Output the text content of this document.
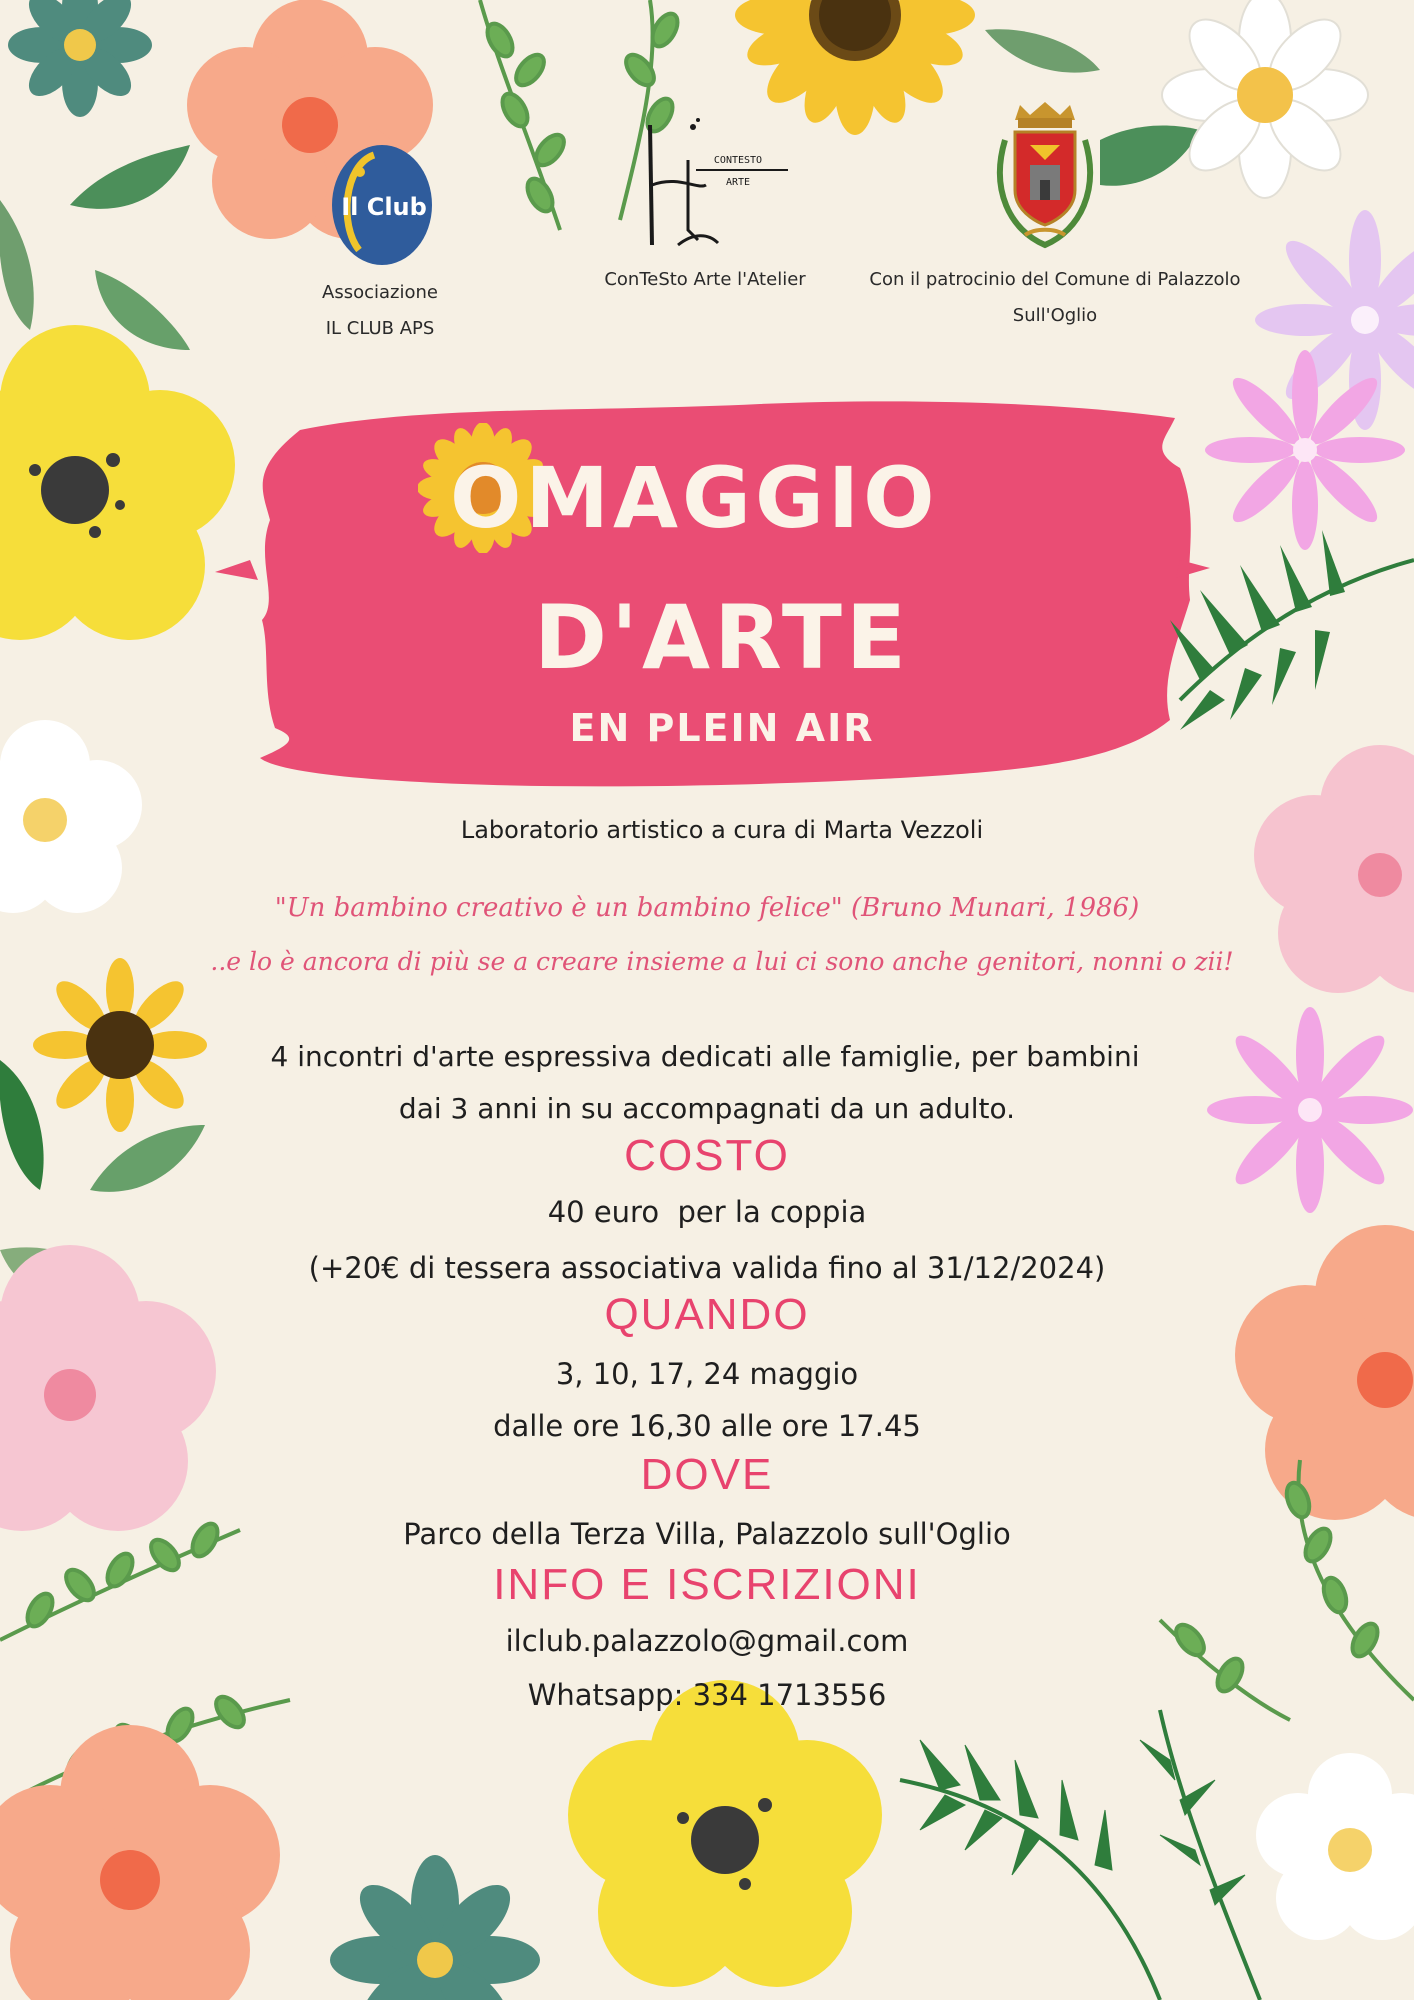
Il Club
Associazione
IL CLUB APS
CONTESTO
ARTE
ConTeSto Arte l'Atelier	Con il patrocinio del Comune di Palazzolo
Sull'Oglio
OMAGGIO
D'ARTE
EN PLEIN AIR
Laboratorio artistico a cura di Marta Vezzoli
"Un bambino creativo è un bambino felice" (Bruno Munari, 1986)
..e lo è ancora di più se a creare insieme a lui ci sono anche genitori, nonni o zii!
4 incontri d'arte espressiva dedicati alle famiglie, per bambini
dai 3 anni in su accompagnati da un adulto.
COSTO
40 euro  per la coppia
(+20€ di tessera associativa valida fino al 31/12/2024)
QUANDO
3, 10, 17, 24 maggio
dalle ore 16,30 alle ore 17.45
DOVE
Parco della Terza Villa, Palazzolo sull'Oglio
INFO E ISCRIZIONI
ilclub.palazzolo@gmail.com
Whatsapp: 334 1713556
